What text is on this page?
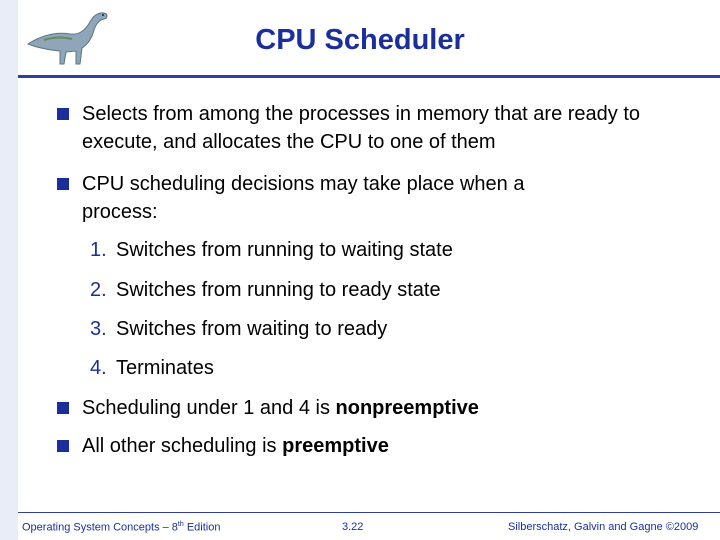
CPU Scheduler
Selects from among the processes in memory that are ready to execute, and allocates the CPU to one of them
CPU scheduling decisions may take place when a process:
1. Switches from running to waiting state
2. Switches from running to ready state
3. Switches from waiting to ready
4. Terminates
Scheduling under 1 and 4 is nonpreemptive
All other scheduling is preemptive
Operating System Concepts – 8th Edition	3.22	Silberschatz, Galvin and Gagne ©2009
